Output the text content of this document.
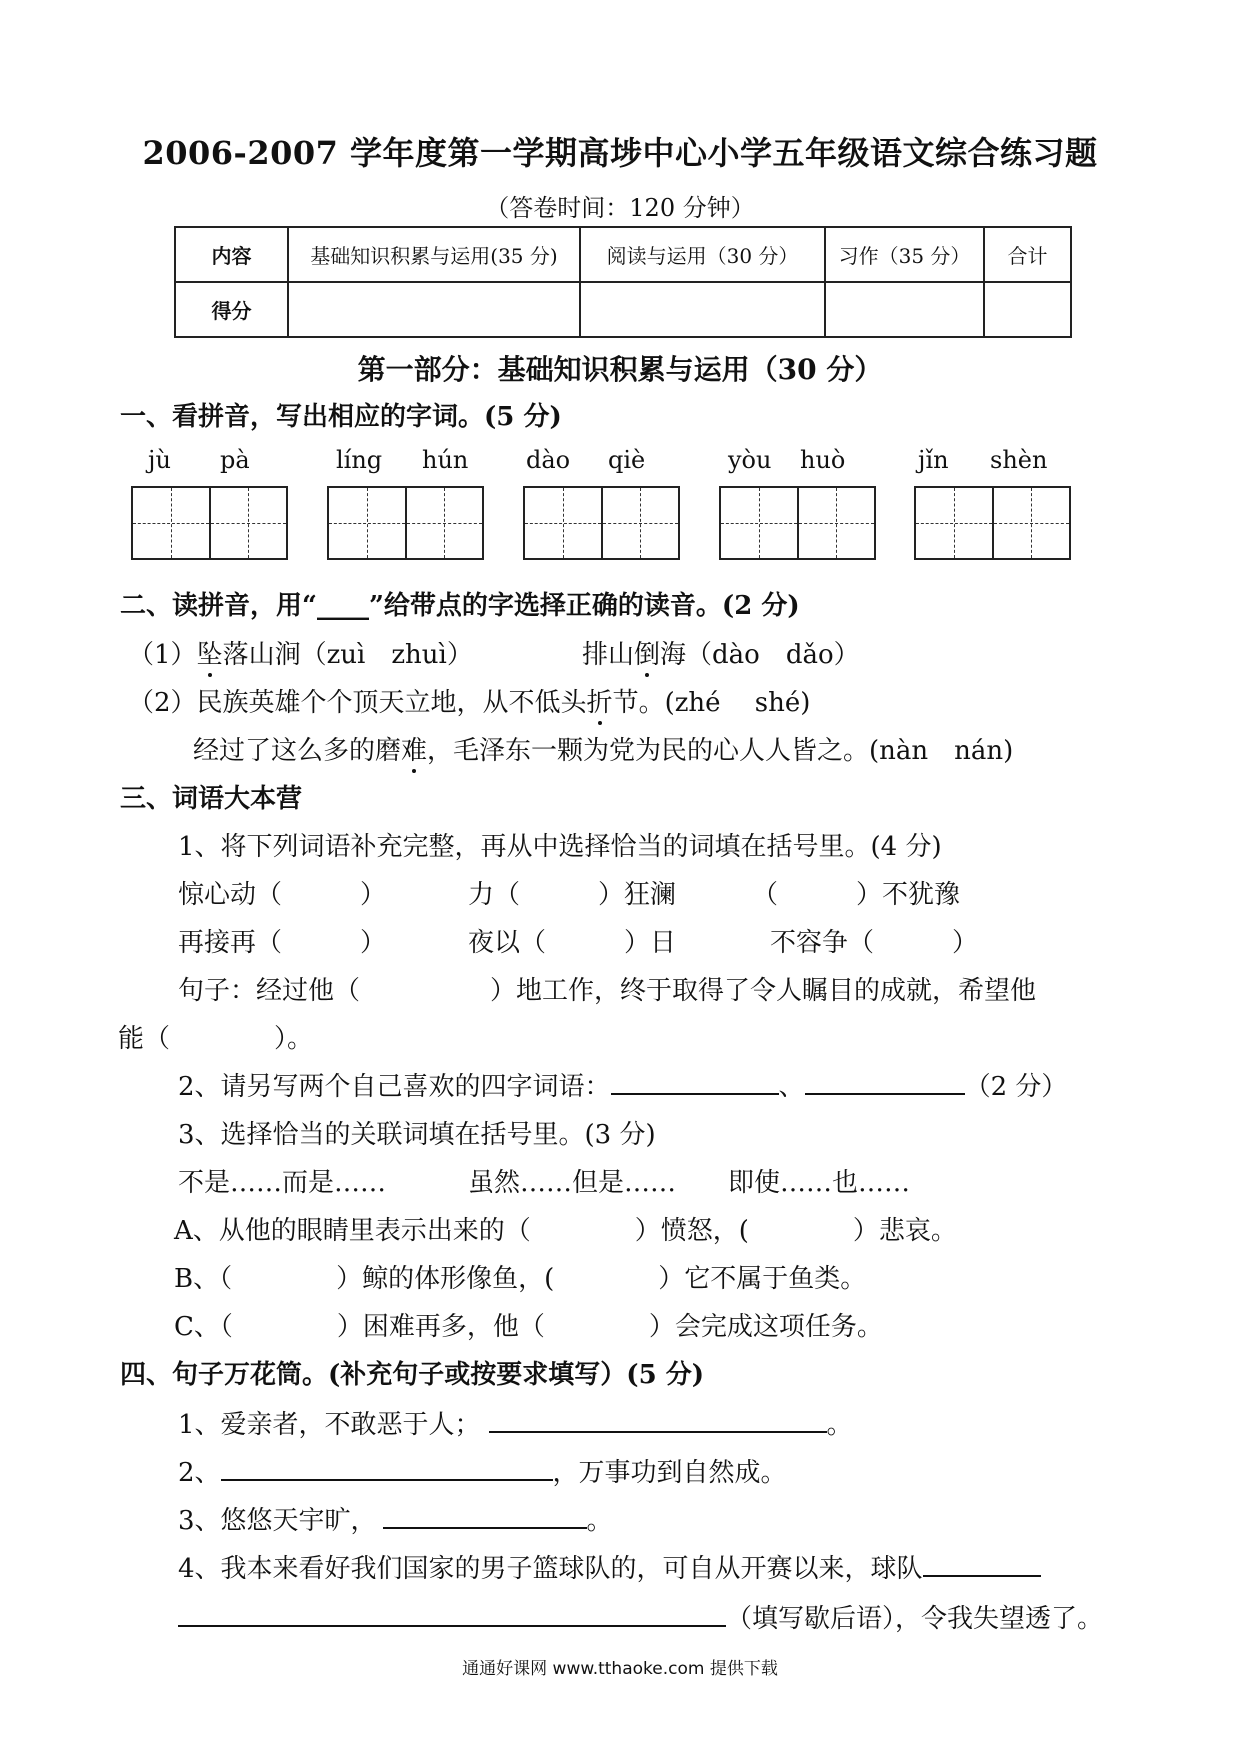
2006-2007 学年度第一学期高埗中心小学五年级语文综合练习题
（答卷时间：120 分钟）
内容	基础知识积累与运用(35 分)	阅读与运用（30 分）	习作（35 分）	合计
得分				
第一部分：基础知识积累与运用（30 分）
一、看拼音，写出相应的字词。(5 分)
jù pà	líng hún dào qiè	yòu huò	jǐn shèn
二、读拼音，用“____”给带点的字选择正确的读音。(2 分)
（1）坠落山涧（zuì　zhuì）	排山倒海（dào　dǎo）
（2）民族英雄个个顶天立地，从不低头折节。(zhé　 shé)
经过了这么多的磨难，毛泽东一颗为党为民的心人人皆之。(nàn　nán)
三、词语大本营
1、将下列词语补充完整，再从中选择恰当的词填在括号里。(4 分)
惊心动（　　　）	力（　　　）狂澜	（　　　）不犹豫
再接再（　　　）	夜以（　　　）日	不容争（　　　）
句子：经过他（　　　　　）地工作，终于取得了令人瞩目的成就，希望他
能（　　　　）。
2、请另写两个自己喜欢的四字词语：	、	（2 分）
3、选择恰当的关联词填在括号里。(3 分)
不是……而是……	虽然……但是…… 即使……也……
A、从他的眼睛里表示出来的（　　　　）愤怒，(　　　　）悲哀。
B、（　　　　）鲸的体形像鱼，(　　　　）它不属于鱼类。
C、（　　　　）困难再多，他（　　　　）会完成这项任务。
四、句子万花筒。(补充句子或按要求填写）(5 分)
1、爱亲者，不敢恶于人；	。
2、	，万事功到自然成。
3、悠悠天宇旷，	。
4、我本来看好我们国家的男子篮球队的，可自从开赛以来，球队
（填写歇后语），令我失望透了。
通通好课网 www.tthaoke.com 提供下载
